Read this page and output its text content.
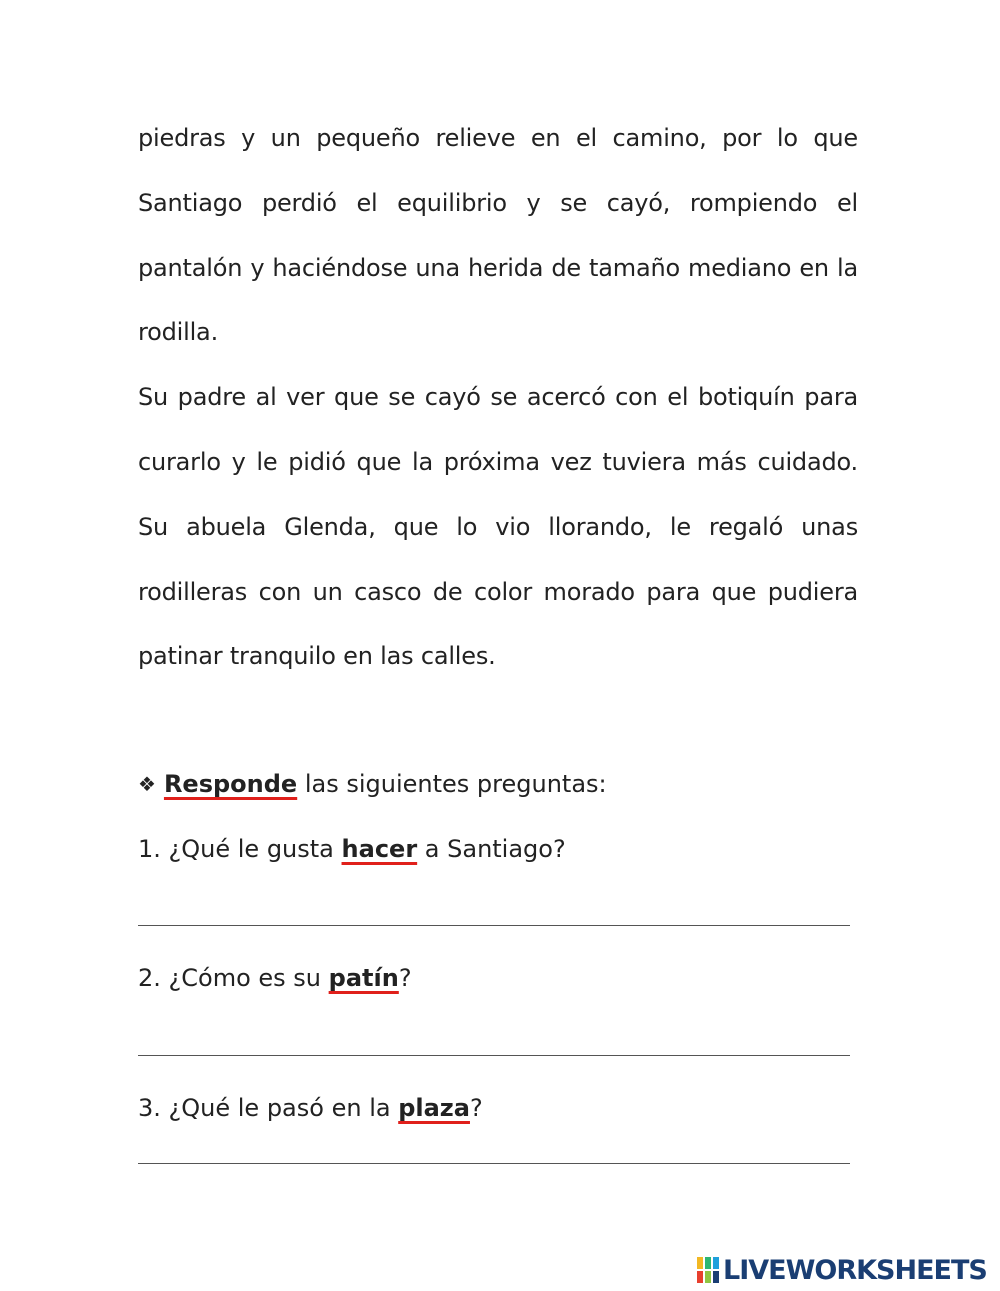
piedras y un pequeño relieve en el camino, por lo que Santiago perdió el equilibrio y se cayó, rompiendo el pantalón y haciéndose una herida de tamaño mediano en la rodilla.

Su padre al ver que se cayó se acercó con el botiquín para curarlo y le pidió que la próxima vez tuviera más cuidado. Su abuela Glenda, que lo vio llorando, le regaló unas rodilleras con un casco de color morado para que pudiera patinar tranquilo en las calles.

❖ Responde las siguientes preguntas:
1. ¿Qué le gusta hacer a Santiago?
2. ¿Cómo es su patín?
3. ¿Qué le pasó en la plaza?
LIVEWORKSHEETS
